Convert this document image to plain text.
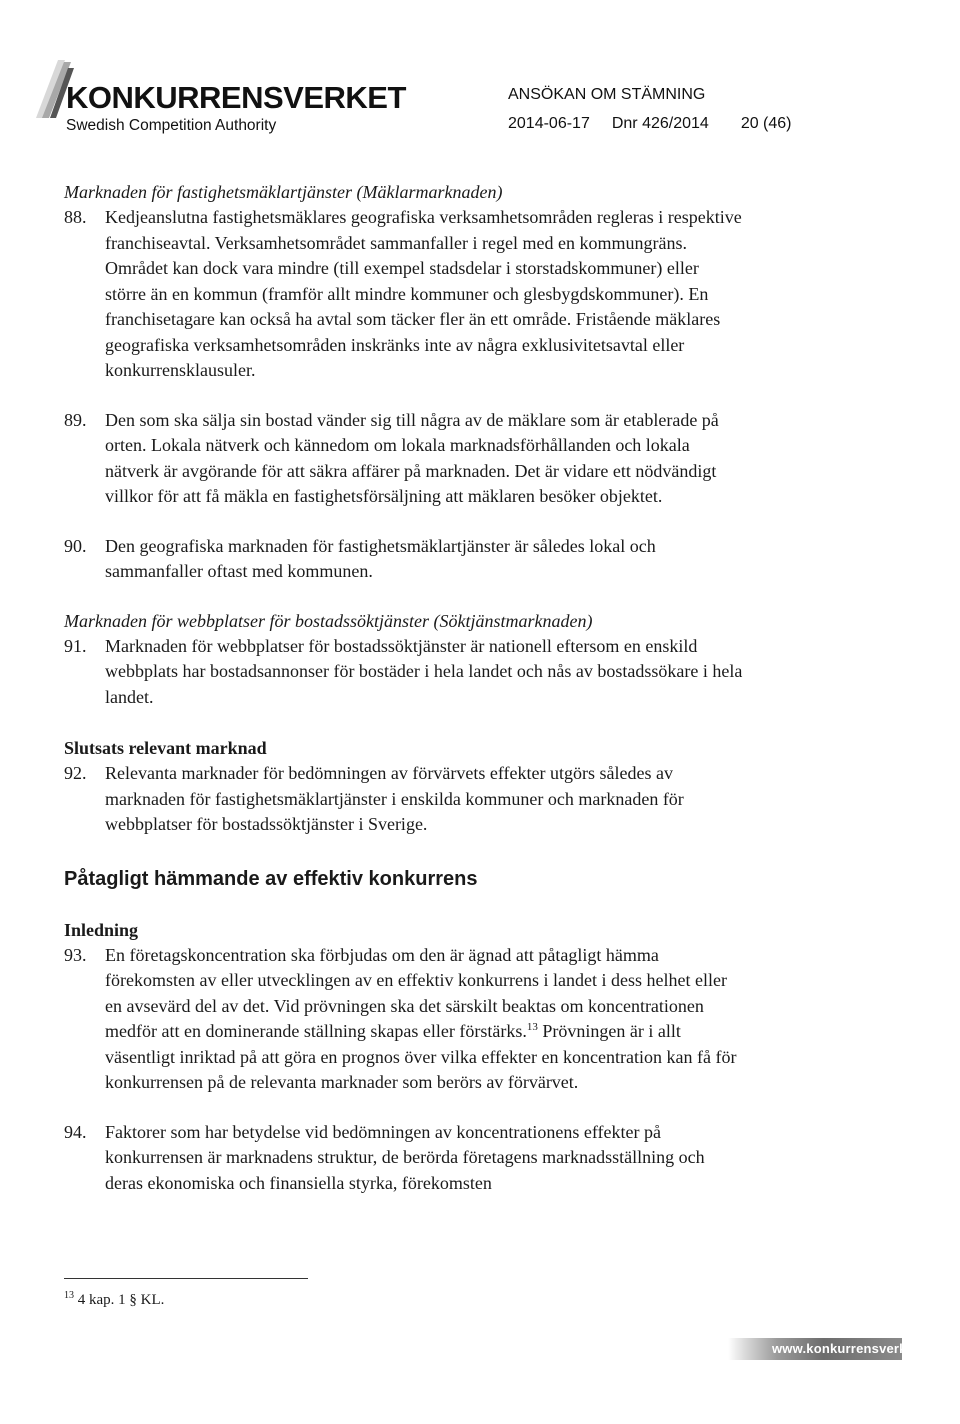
KONKURRENSVERKET
Swedish Competition Authority
ANSÖKAN OM STÄMNING
2014-06-17 Dnr 426/2014 20 (46)

Marknaden för fastighetsmäklartjänster (Mäklarmarknaden)

88.	Kedjeanslutna fastighetsmäklares geografiska verksamhetsområden regleras i respektive franchiseavtal. Verksamhetsområdet sammanfaller i regel med en kommungräns. Området kan dock vara mindre (till exempel stadsdelar i storstadskommuner) eller större än en kommun (framför allt mindre kommuner och glesbygdskommuner). En franchisetagare kan också ha avtal som täcker fler än ett område. Fristående mäklares geografiska verksamhetsområden inskränks inte av några exklusivitetsavtal eller konkurrensklausuler.
89.	Den som ska sälja sin bostad vänder sig till några av de mäklare som är etablerade på orten. Lokala nätverk och kännedom om lokala marknadsförhållanden och lokala nätverk är avgörande för att säkra affärer på marknaden. Det är vidare ett nödvändigt villkor för att få mäkla en fastighetsförsäljning att mäklaren besöker objektet.
90.	Den geografiska marknaden för fastighetsmäklartjänster är således lokal och sammanfaller oftast med kommunen.

Marknaden för webbplatser för bostadssöktjänster (Söktjänstmarknaden)

91.	Marknaden för webbplatser för bostadssöktjänster är nationell eftersom en enskild webbplats har bostadsannonser för bostäder i hela landet och nås av bostadssökare i hela landet.

Slutsats relevant marknad

92.	Relevanta marknader för bedömningen av förvärvets effekter utgörs således av marknaden för fastighetsmäklartjänster i enskilda kommuner och marknaden för webbplatser för bostadssöktjänster i Sverige.

Påtagligt hämmande av effektiv konkurrens

Inledning

93.	En företagskoncentration ska förbjudas om den är ägnad att påtagligt hämma förekomsten av eller utvecklingen av en effektiv konkurrens i landet i dess helhet eller en avsevärd del av det. Vid prövningen ska det särskilt beaktas om koncentrationen medför att en dominerande ställning skapas eller förstärks.$^{13}$ Prövningen är i allt väsentligt inriktad på att göra en prognos över vilka effekter en koncentration kan få för konkurrensen på de relevanta marknader som berörs av förvärvet.
94.	Faktorer som har betydelse vid bedömningen av koncentrationens effekter på konkurrensen är marknadens struktur, de berörda företagens marknadsställning och deras ekonomiska och finansiella styrka, förekomsten
$^{13}$ 4 kap. 1 § KL.
www.konkurrensverket.se
